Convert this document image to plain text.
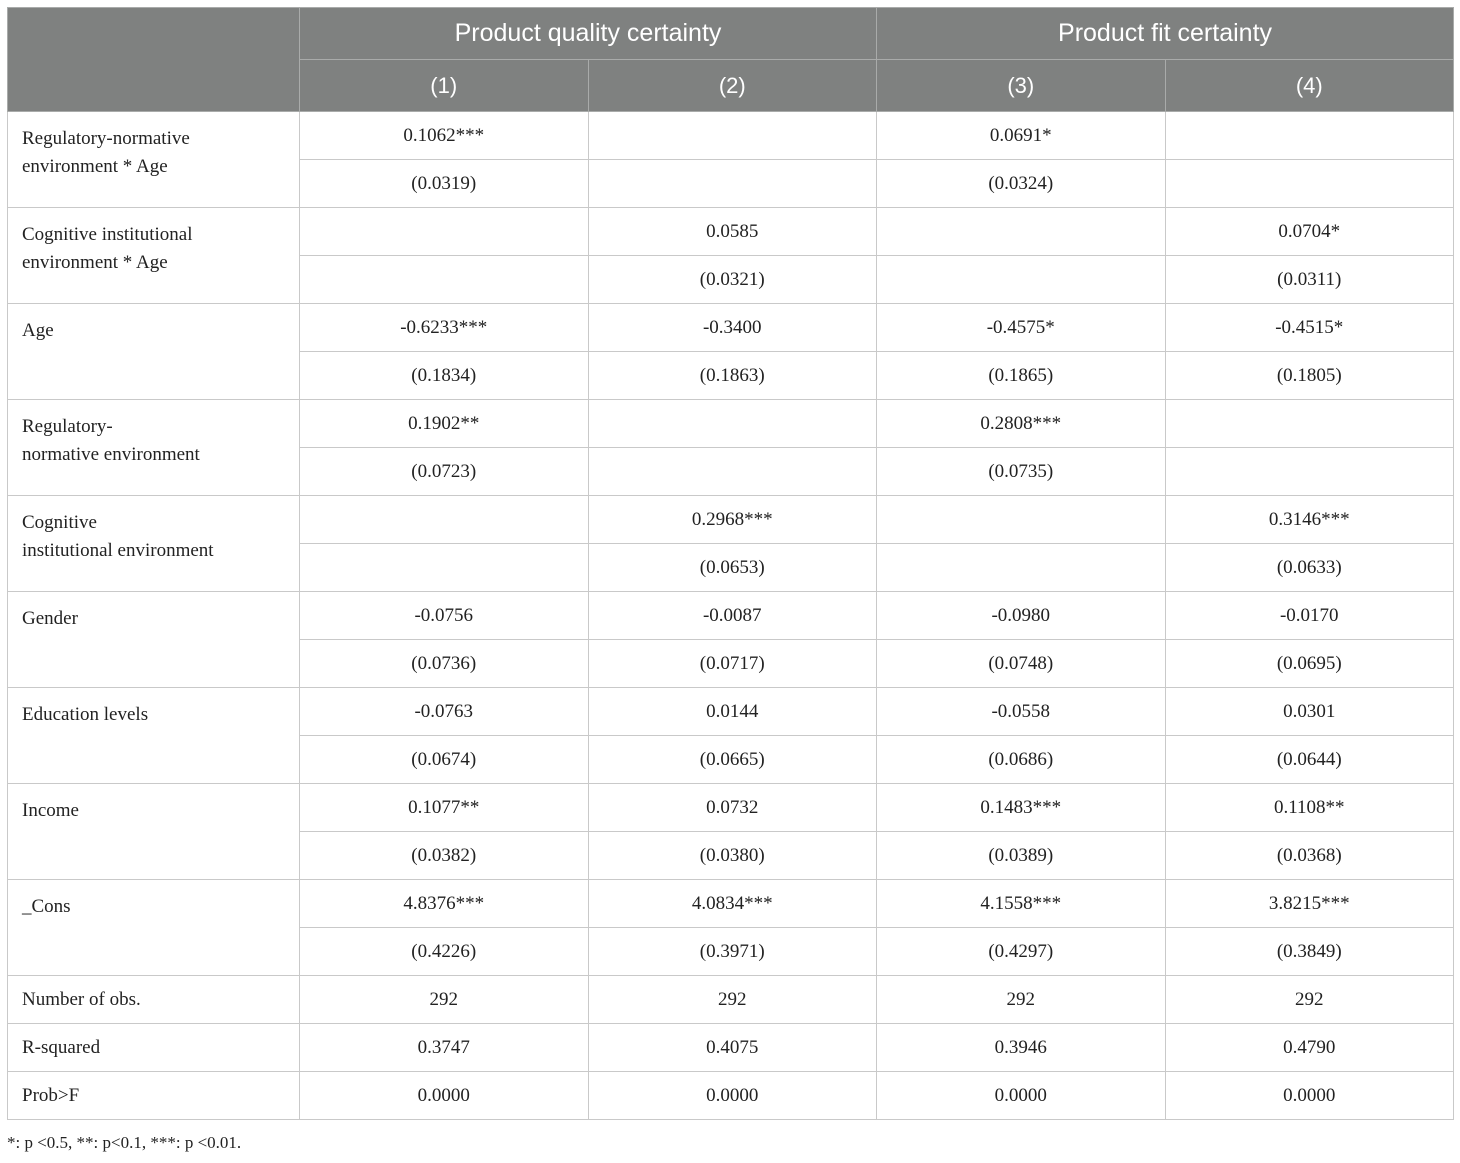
	Product quality certainty		Product fit certainty	
	(1)	(2)	(3)	(4)
Regulatory-normative
environment * Age	0.1062***		0.0691*	
	(0.0319)		(0.0324)	
Cognitive institutional
environment * Age		0.0585		0.0704*
		(0.0321)		(0.0311)
Age	-0.6233***	-0.3400	-0.4575*	-0.4515*
	(0.1834)	(0.1863)	(0.1865)	(0.1805)
Regulatory-
normative environment	0.1902**		0.2808***	
	(0.0723)		(0.0735)	
Cognitive
institutional environment		0.2968***		0.3146***
		(0.0653)		(0.0633)
Gender	-0.0756	-0.0087	-0.0980	-0.0170
	(0.0736)	(0.0717)	(0.0748)	(0.0695)
Education levels	-0.0763	0.0144	-0.0558	0.0301
	(0.0674)	(0.0665)	(0.0686)	(0.0644)
Income	0.1077**	0.0732	0.1483***	0.1108**
	(0.0382)	(0.0380)	(0.0389)	(0.0368)
_Cons	4.8376***	4.0834***	4.1558***	3.8215***
	(0.4226)	(0.3971)	(0.4297)	(0.3849)
Number of obs.	292	292	292	292
R-squared	0.3747	0.4075	0.3946	0.4790
Prob>F	0.0000	0.0000	0.0000	0.0000
*: p <0.5, **: p<0.1, ***: p <0.01.
